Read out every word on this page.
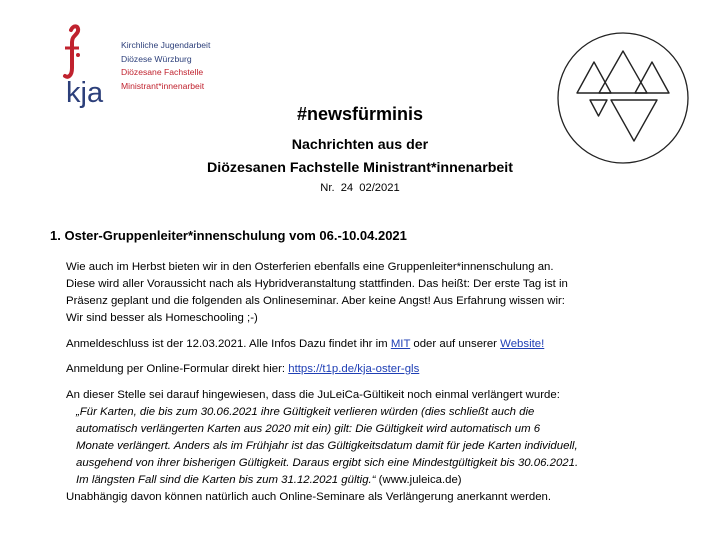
kja
Kirchliche Jugendarbeit
Diözese Würzburg
Diözesane Fachstelle
Ministrant*innenarbeit
#newsfürminis
Nachrichten aus der
Diözesanen Fachstelle Ministrant*innenarbeit
Nr. 24 02/2021
1. Oster-Gruppenleiter*innenschulung vom 06.-10.04.2021

Wie auch im Herbst bieten wir in den Osterferien ebenfalls eine Gruppenleiter*innenschulung an.
Diese wird aller Voraussicht nach als Hybridveranstaltung stattfinden. Das heißt: Der erste Tag ist in
Präsenz geplant und die folgenden als Onlineseminar. Aber keine Angst! Aus Erfahrung wissen wir:
Wir sind besser als Homeschooling ;-)

Anmeldeschluss ist der 12.03.2021. Alle Infos Dazu findet ihr im MIT oder auf unserer Website!

Anmeldung per Online-Formular direkt hier: https://t1p.de/kja-oster-gls

An dieser Stelle sei darauf hingewiesen, dass die JuLeiCa-Gültikeit noch einmal verlängert wurde:

„Für Karten, die bis zum 30.06.2021 ihre Gültigkeit verlieren würden (dies schließt auch die
automatisch verlängerten Karten aus 2020 mit ein) gilt: Die Gültigkeit wird automatisch um 6
Monate verlängert. Anders als im Frühjahr ist das Gültigkeitsdatum damit für jede Karten individuell,
ausgehend von ihrer bisherigen Gültigkeit. Daraus ergibt sich eine Mindestgültigkeit bis 30.06.2021.
Im längsten Fall sind die Karten bis zum 31.12.2021 gültig.“ (www.juleica.de)

Unabhängig davon können natürlich auch Online-Seminare als Verlängerung anerkannt werden.
